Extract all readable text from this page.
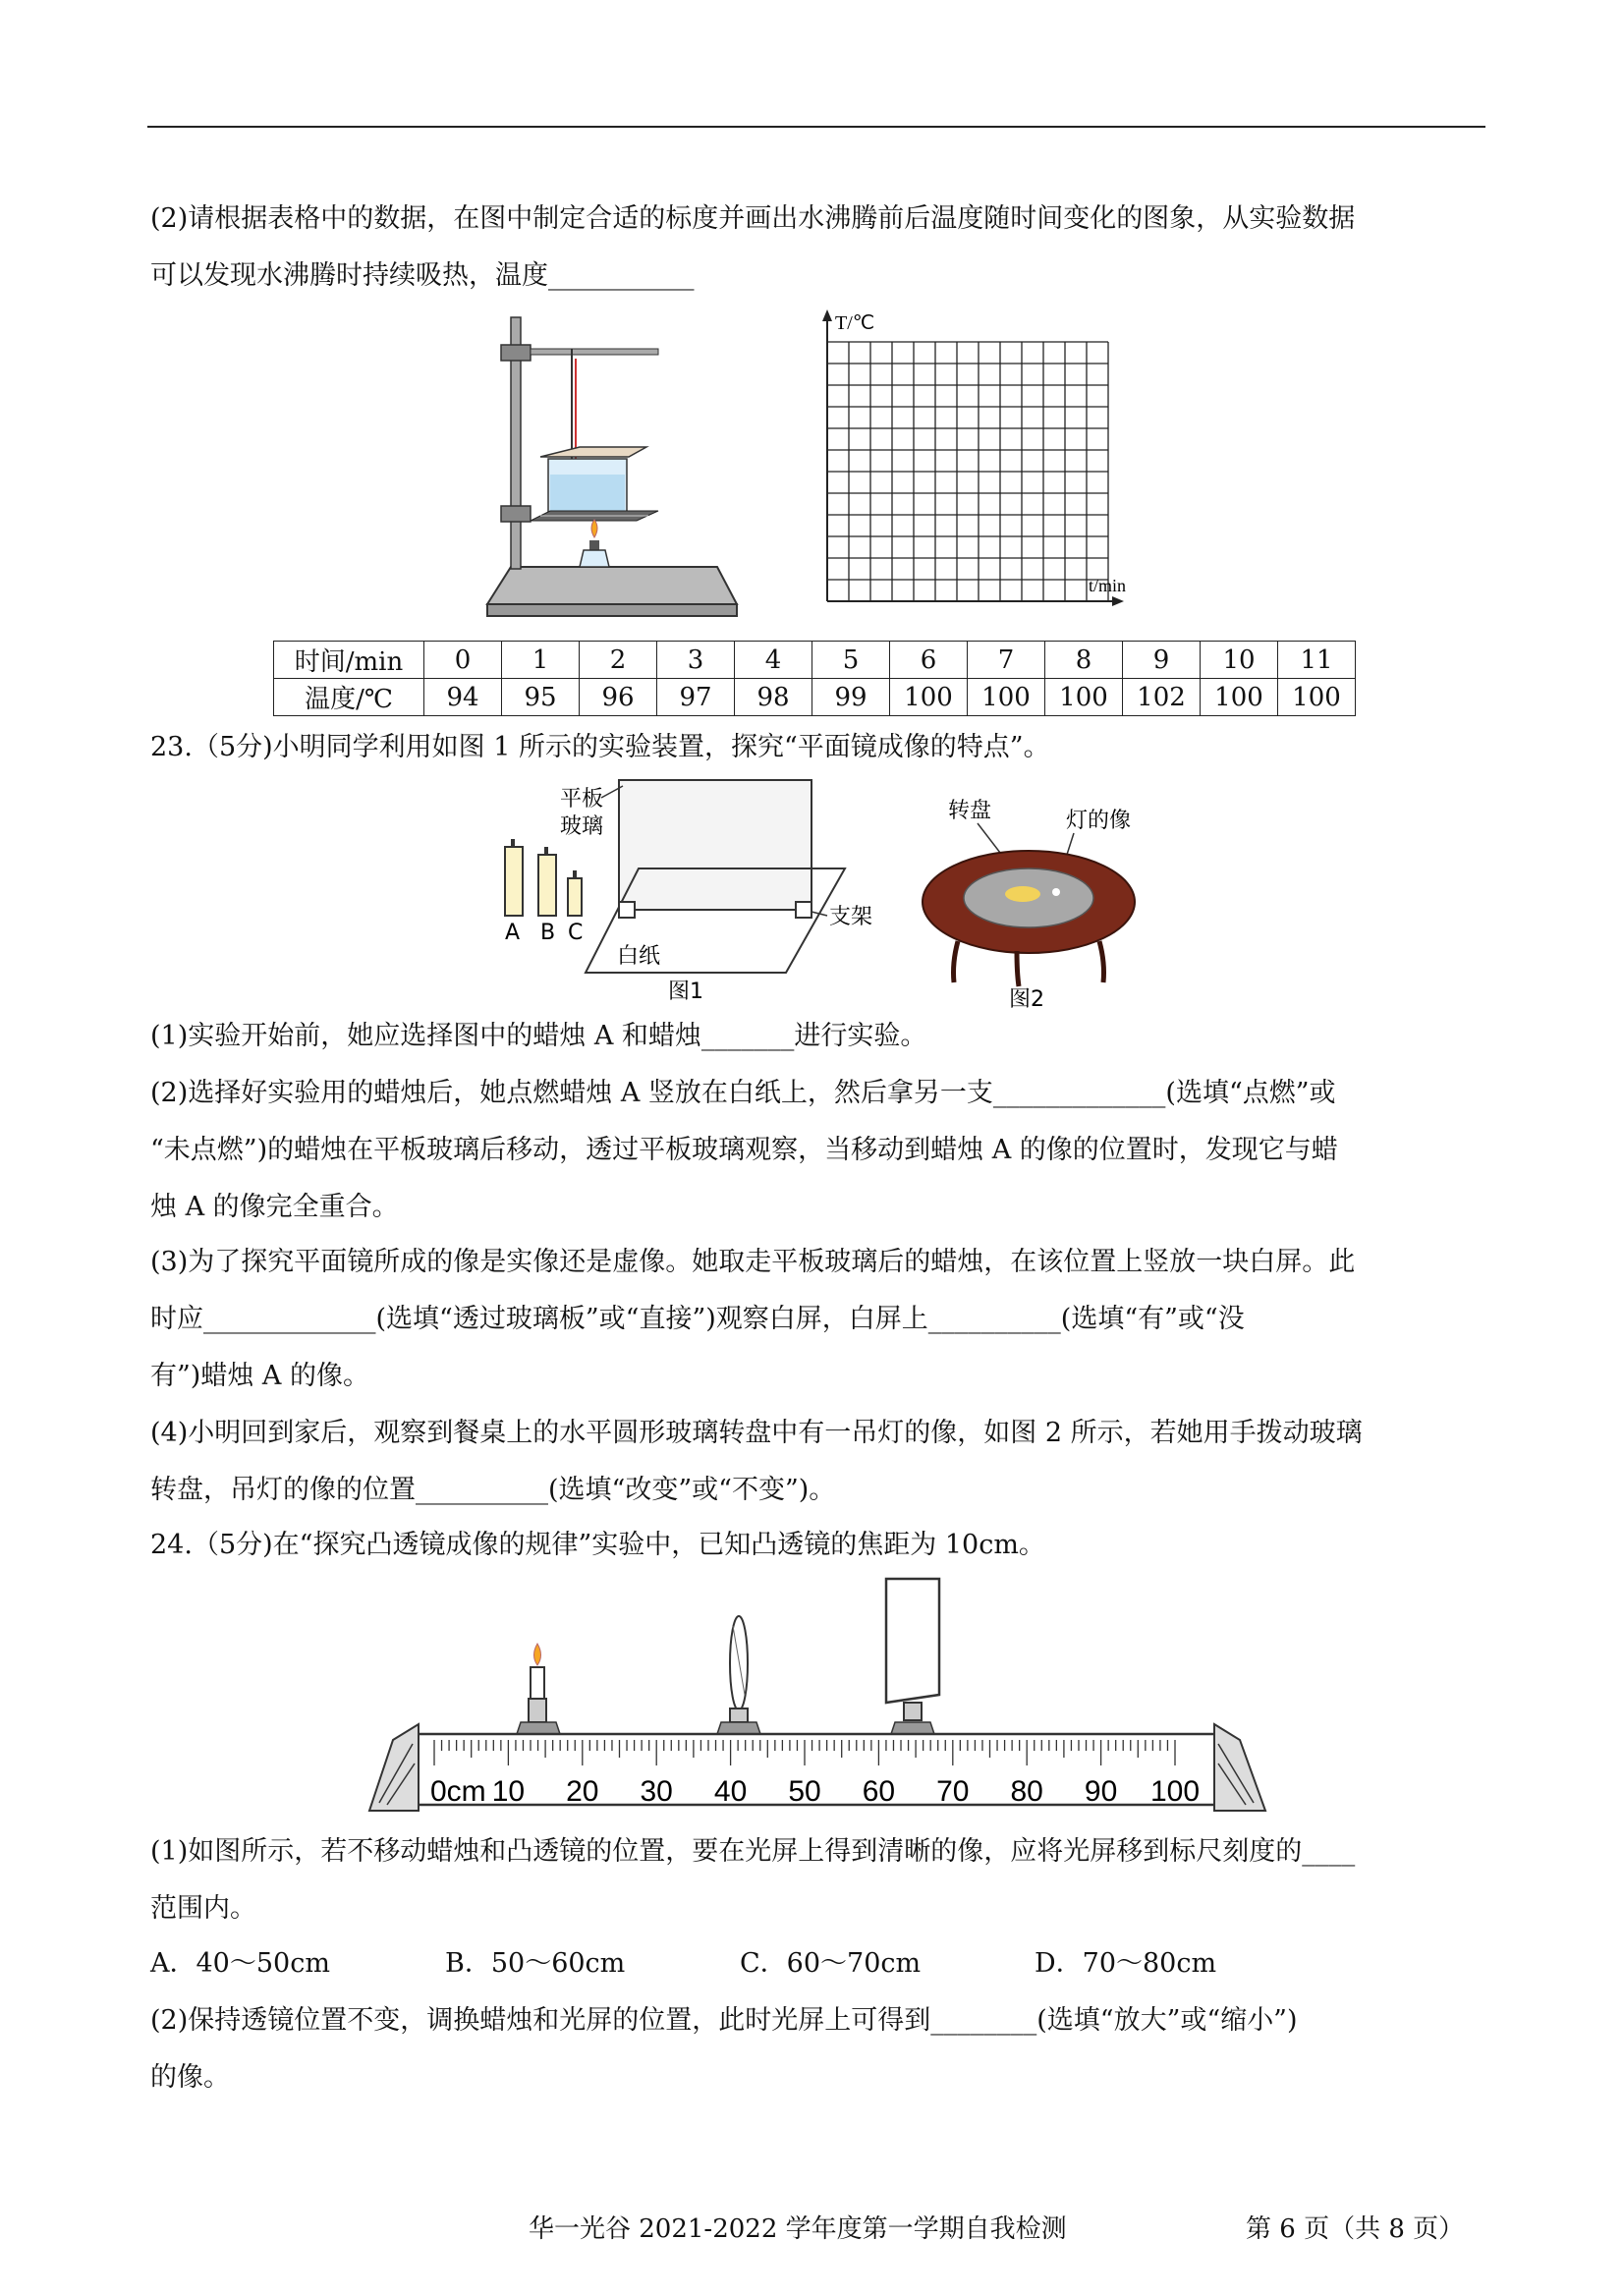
(2)请根据表格中的数据，在图中制定合适的标度并画出水沸腾前后温度随时间变化的图象，从实验数据
可以发现水沸腾时持续吸热，温度___________
T/℃
t/min
时间/min	0	1	2	3	4	5	6	7	8	9	10	11
温度/℃	94	95	96	97	98	99	100	100	100	102	100	100
23.（5分)小明同学利用如图 1 所示的实验装置，探究“平面镜成像的特点”。
平板
玻璃
A B C
支架
白纸
图1
转盘	灯的像
图2
(1)实验开始前，她应选择图中的蜡烛 A 和蜡烛_______进行实验。
(2)选择好实验用的蜡烛后，她点燃蜡烛 A 竖放在白纸上，然后拿另一支_____________(选填“点燃”或
“未点燃”)的蜡烛在平板玻璃后移动，透过平板玻璃观察，当移动到蜡烛 A 的像的位置时，发现它与蜡
烛 A 的像完全重合。
(3)为了探究平面镜所成的像是实像还是虚像。她取走平板玻璃后的蜡烛，在该位置上竖放一块白屏。此
时应_____________(选填“透过玻璃板”或“直接”)观察白屏，白屏上__________(选填“有”或“没
有”)蜡烛 A 的像。
(4)小明回到家后，观察到餐桌上的水平圆形玻璃转盘中有一吊灯的像，如图 2 所示，若她用手拨动玻璃
转盘，吊灯的像的位置__________(选填“改变”或“不变”)。
24.（5分)在“探究凸透镜成像的规律”实验中，已知凸透镜的焦距为 10cm。
0cm 10 20 30 40 50 60 70 80 90 100
(1)如图所示，若不移动蜡烛和凸透镜的位置，要在光屏上得到清晰的像，应将光屏移到标尺刻度的____
范围内。
A．40～50cm	B．50～60cm	C．60～70cm	D．70～80cm
(2)保持透镜位置不变，调换蜡烛和光屏的位置，此时光屏上可得到________(选填“放大”或“缩小”)
的像。
华一光谷 2021-2022 学年度第一学期自我检测	第 6 页（共 8 页）
